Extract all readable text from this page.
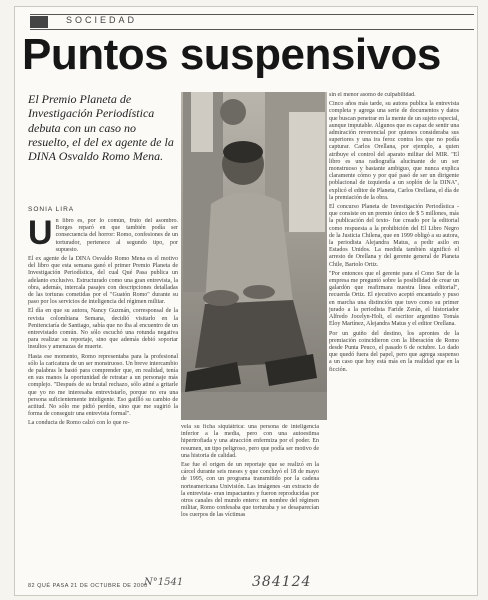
SOCIEDAD
Puntos suspensivos
El Premio Planeta de Investigación Periodística debuta con un caso no resuelto, el del ex agente de la DINA Osvaldo Romo Mena.
SONIA LIRA
U n libro es, por lo común, fruto del asombro. Borges reparó en que también podía ser consecuencia del horror: Romo, confesiones de un torturador, pertenece al segundo tipo, por supuesto.

El ex agente de la DINA Osvaldo Romo Mena es el motivo del libro que esta semana ganó el primer Premio Planeta de Investigación Periodística, del cual Qué Pasa publica un adelanto exclusivo. Estructurado como una gran entrevista, la obra, además, intercala pasajes con descripciones detalladas de las torturas cometidas por el "Guatón Romo" durante su paso por los servicios de inteligencia del régimen militar.

El día en que su autora, Nancy Guzmán, corresponsal de la revista colombiana Semana, decidió visitarlo en la Penitenciaría de Santiago, sabía que no iba al encuentro de un entrevistado común. No sólo escuchó una rotunda negativa para realizar su reportaje, sino que además debió soportar insultos y amenazas de muerte.

Hasta ese momento, Romo representaba para la profesional sólo la caricatura de un ser monstruoso. Un breve intercambio de palabras le bastó para comprender que, en realidad, tenía en sus manos la oportunidad de retratar a un personaje más complejo. "Después de su brutal rechazo, sólo atiné a gritarle que yo no me interesaba entrevistarlo, porque no era una persona suficientemente inteligente. Eso gatilló su cambio de actitud. No sólo me pidió perdón, sino que me sugirió la forma de conseguir una entrevista formal".

La conducta de Romo calzó con lo que re-

vela su ficha siquiátrica: una persona de inteligencia inferior a la media, pero con una autoestima hipertrofiada y una atracción enfermiza por el poder. En resumen, un tipo peligroso, pero que podía ser motivo de una historia de calidad.

Ese fue el origen de un reportaje que se realizó en la cárcel durante seis meses y que concluyó el 18 de mayo de 1995, con un programa transmitido por la cadena norteamericana Univisión. Las imágenes -un extracto de la entrevista- eran impactantes y fueron reproducidas por otros canales del mundo entero: en nombre del régimen militar, Romo confesaba que torturaba y se desaparecían los cuerpos de las víctimas

sin el menor asomo de culpabilidad.

Cinco años más tarde, su autora publica la entrevista completa y agrega una serie de documentos y datos que buscan penetrar en la mente de un sujeto especial, aunque imputable. Algunos que es capaz de sentir una admiración reverencial por quienes consideraba sus superiores y una ira feroz contra los que no podía capturar. Carlos Orellana, por ejemplo, a quien atribuye el control del aparato militar del MIR. "El libro es una radiografía alucinante de un ser monstruoso y bastante ambiguo, que nunca explica claramente cómo y por qué pasó de ser un dirigente poblacional de izquierda a un soplón de la DINA", explicó el editor de Planeta, Carlos Orellana, el día de la premiación de la obra.

El concurso Planeta de Investigación Periodística -que consiste en un premio único de $ 5 millones, más la publicación del texto- fue creado por la editorial como respuesta a la prohibición del El Libro Negro de la Justicia Chilena, que en 1999 obligó a su autora, la periodista Alejandra Matus, a pedir asilo en Estados Unidos. La medida también significó el arresto de Orellana y del gerente general de Planeta Chile, Bartolo Ortiz.

"Por entonces que el gerente para el Cono Sur de la empresa me preguntó sobre la posibilidad de crear un galardón que reafirmara nuestra línea editorial", recuerda Ortiz. El ejecutivo aceptó encantado y puso en marcha una distinción que tuvo como su primer jurado a la periodista Faride Zerán, el historiador Alfredo Jocelyn-Holt, el escritor argentino Tomás Eloy Martínez, Alejandra Matus y el editor Orellana.

Por un guiño del destino, los aprontes de la premiación coincidieron con la liberación de Romo desde Punta Peuco, el pasado 6 de octubre. Lo dado que quedó fuera del papel, pero que agrega suspenso a un caso que hoy está más en la realidad que en la ficción.

82 QUÉ PASA 21 DE OCTUBRE DE 2000
N°1541	384124
